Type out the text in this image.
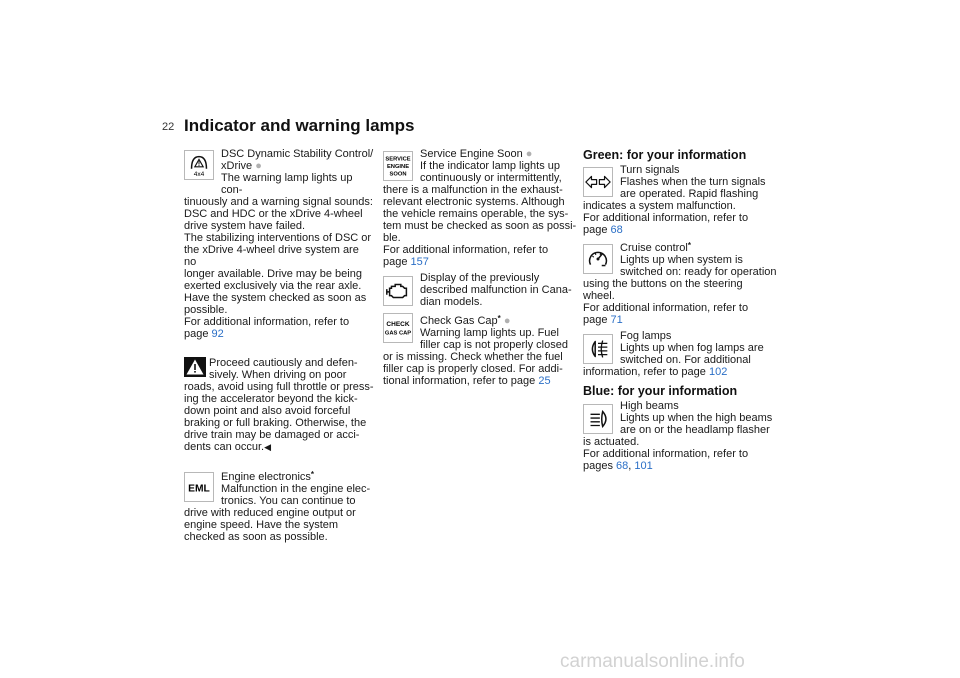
22 Indicator and warning lamps
4x4

DSC Dynamic Stability Control/

xDrive ●

The warning lamp lights up con-

tinuously and a warning signal sounds:

DSC and HDC or the xDrive 4-wheel

drive system have failed.

The stabilizing interventions of DSC or

the xDrive 4-wheel drive system are no

longer available. Drive may be being

exerted exclusively via the rear axle.

Have the system checked as soon as

possible.

For additional information, refer to

page 92

Proceed cautiously and defen-

sively. When driving on poor

roads, avoid using full throttle or press-

ing the accelerator beyond the kick-

down point and also avoid forceful

braking or full braking. Otherwise, the

drive train may be damaged or acci-

dents can occur.◀

EML

Engine electronics*

Malfunction in the engine elec-

tronics. You can continue to

drive with reduced engine output or

engine speed. Have the system

checked as soon as possible.

SERVICE
ENGINE
SOON

Service Engine Soon ●

If the indicator lamp lights up

continuously or intermittently,

there is a malfunction in the exhaust-

relevant electronic systems. Although

the vehicle remains operable, the sys-

tem must be checked as soon as possi-

ble.

For additional information, refer to

page 157

Display of the previously

described malfunction in Cana-

dian models.

CHECK
GAS CAP

Check Gas Cap* ●

Warning lamp lights up. Fuel

filler cap is not properly closed

or is missing. Check whether the fuel

filler cap is properly closed. For addi-

tional information, refer to page 25

Green: for your information

Turn signals

Flashes when the turn signals

are operated. Rapid flashing

indicates a system malfunction.

For additional information, refer to

page 68

Cruise control*

Lights up when system is

switched on: ready for operation

using the buttons on the steering

wheel.

For additional information, refer to

page 71

Fog lamps

Lights up when fog lamps are

switched on. For additional

information, refer to page 102

Blue: for your information

High beams

Lights up when the high beams

are on or the headlamp flasher

is actuated.

For additional information, refer to

pages 68, 101

carmanualsonline.info
